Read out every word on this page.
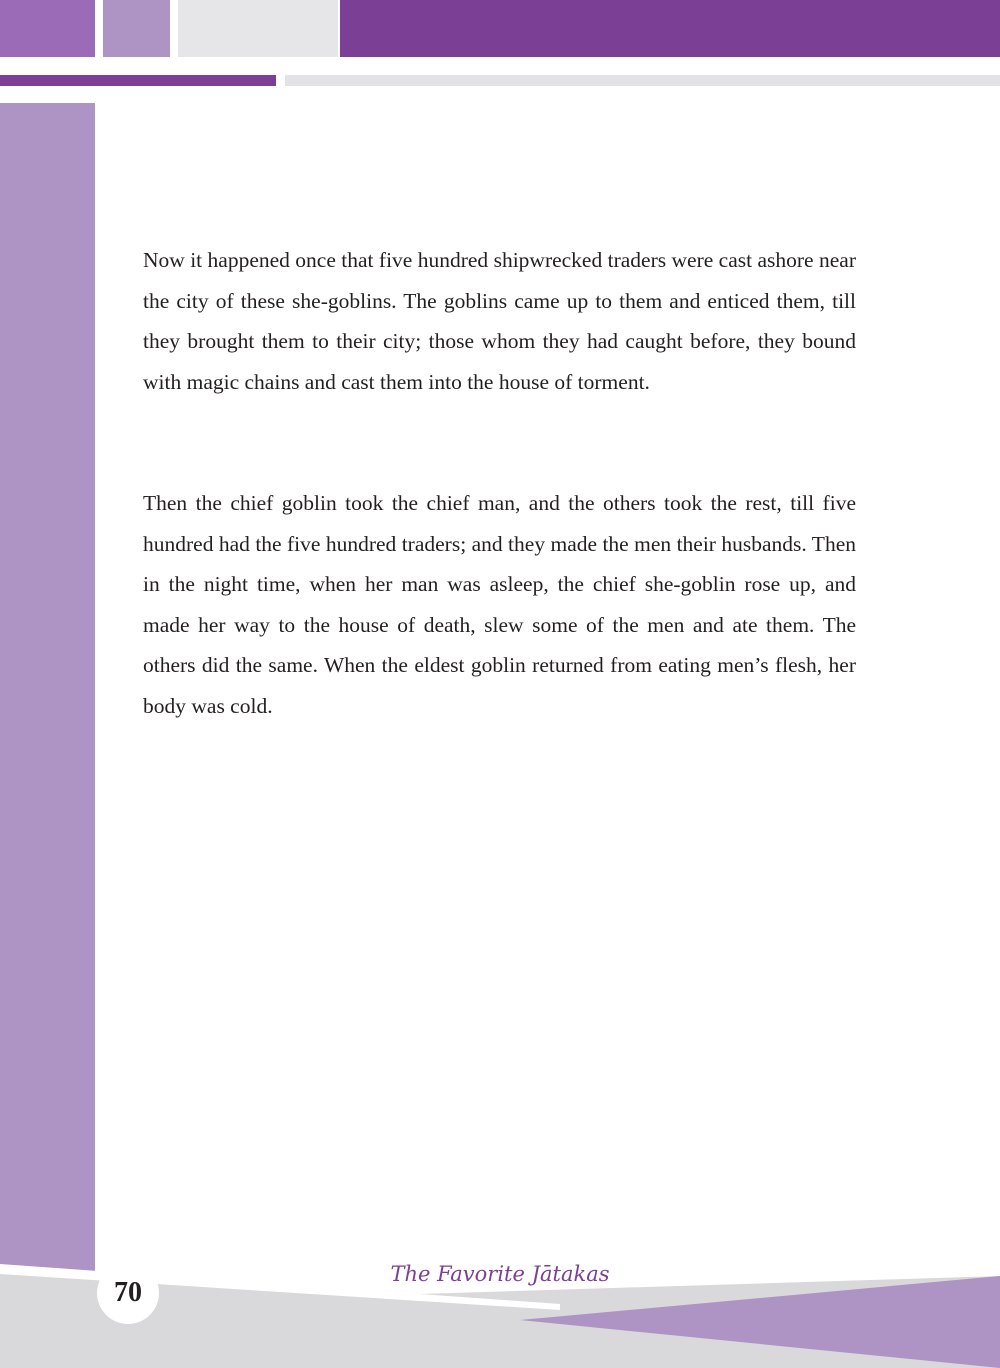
Now it happened once that five hundred shipwrecked traders were cast ashore near the city of these she-goblins. The goblins came up to them and enticed them, till they brought them to their city; those whom they had caught before, they bound with magic chains and cast them into the house of torment.

Then the chief goblin took the chief man, and the others took the rest, till five hundred had the five hundred traders; and they made the men their husbands. Then in the night time, when her man was asleep, the chief she-goblin rose up, and made her way to the house of death, slew some of the men and ate them. The others did the same. When the eldest goblin returned from eating men’s flesh, her body was cold.

70
The Favorite Jātakas
